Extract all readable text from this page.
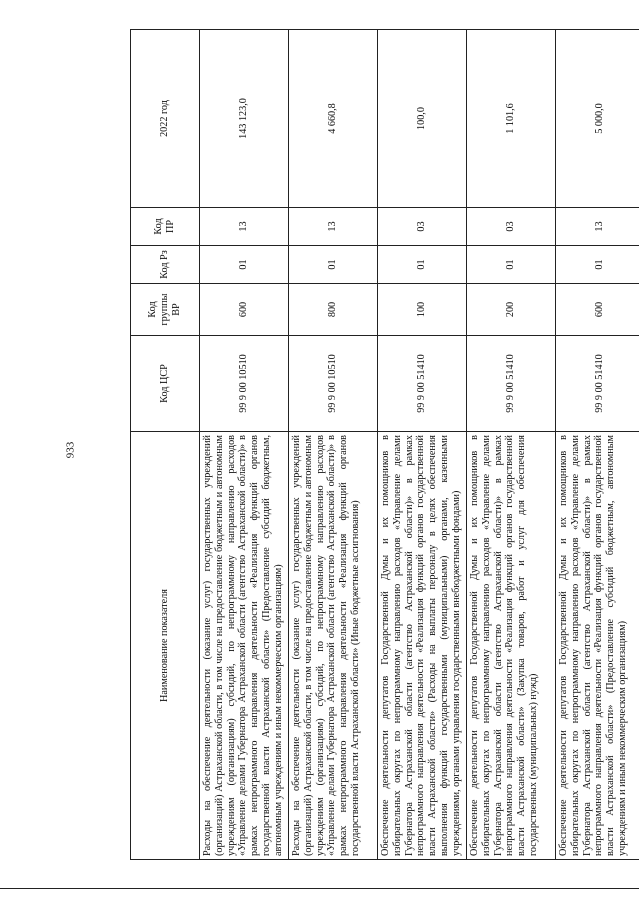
933
Наименование показателя	Код ЦСР	Код группы ВР	Код Рз	Код ПР	2022 год
Расходы на обеспечение деятельности (оказание услуг) государственных учреждений (организаций) Астраханской области, в том числе на предоставление бюджетным и автономным учреждениям (организациям) субсидий, по непрограммному направлению расходов «Управление делами Губернатора Астраханской области (агентство Астраханской области)» в рамках непрограммного направления деятельности «Реализация функций органов государственной власти Астраханской области» (Предоставление субсидий бюджетным, автономным учреждениям и иным некоммерческим организациям)	99 9 00 10510	600	01	13	143 123,0
Расходы на обеспечение деятельности (оказание услуг) государственных учреждений (организаций) Астраханской области, в том числе на предоставление бюджетным и автономным учреждениям (организациям) субсидий, по непрограммному направлению расходов «Управление делами Губернатора Астраханской области (агентство Астраханской области)» в рамках непрограммного направления деятельности «Реализация функций органов государственной власти Астраханской области» (Иные бюджетные ассигнования)	99 9 00 10510	800	01	13	4 660,8
Обеспечение деятельности депутатов Государственной Думы и их помощников в избирательных округах по непрограммному направлению расходов «Управление делами Губернатора Астраханской области (агентство Астраханской области)» в рамках непрограммного направления деятельности «Реализация функций органов государственной власти Астраханской области» (Расходы на выплаты персоналу в целях обеспечения выполнения функций государственными (муниципальными) органами, казенными учреждениями, органами управления государственными внебюджетными фондами)	99 9 00 51410	100	01	03	100,0
Обеспечение деятельности депутатов Государственной Думы и их помощников в избирательных округах по непрограммному направлению расходов «Управление делами Губернатора Астраханской области (агентство Астраханской области)» в рамках непрограммного направления деятельности «Реализация функций органов государственной власти Астраханской области» (Закупка товаров, работ и услуг для обеспечения государственных (муниципальных) нужд)	99 9 00 51410	200	01	03	1 101,6
Обеспечение деятельности депутатов Государственной Думы и их помощников в избирательных округах по непрограммному направлению расходов «Управление делами Губернатора Астраханской области (агентство Астраханской области)» в рамках непрограммного направления деятельности «Реализация функций органов государственной власти Астраханской области» (Предоставление субсидий бюджетным, автономным учреждениям и иным некоммерческим организациям)	99 9 00 51410	600	01	13	5 000,0
